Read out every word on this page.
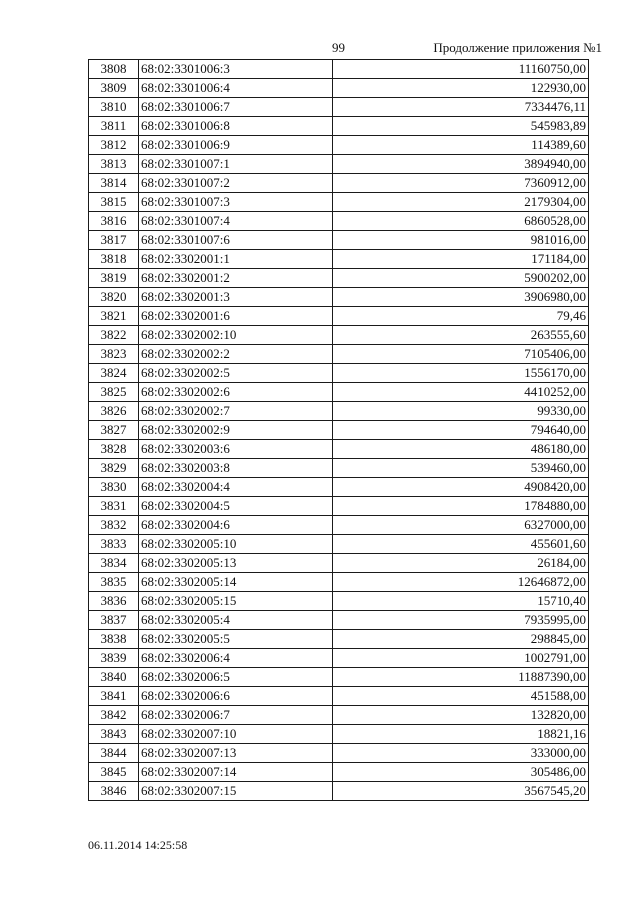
99	Продолжение приложения №1
3808	68:02:3301006:3	11160750,00
3809	68:02:3301006:4	122930,00
3810	68:02:3301006:7	7334476,11
3811	68:02:3301006:8	545983,89
3812	68:02:3301006:9	114389,60
3813	68:02:3301007:1	3894940,00
3814	68:02:3301007:2	7360912,00
3815	68:02:3301007:3	2179304,00
3816	68:02:3301007:4	6860528,00
3817	68:02:3301007:6	981016,00
3818	68:02:3302001:1	171184,00
3819	68:02:3302001:2	5900202,00
3820	68:02:3302001:3	3906980,00
3821	68:02:3302001:6	79,46
3822	68:02:3302002:10	263555,60
3823	68:02:3302002:2	7105406,00
3824	68:02:3302002:5	1556170,00
3825	68:02:3302002:6	4410252,00
3826	68:02:3302002:7	99330,00
3827	68:02:3302002:9	794640,00
3828	68:02:3302003:6	486180,00
3829	68:02:3302003:8	539460,00
3830	68:02:3302004:4	4908420,00
3831	68:02:3302004:5	1784880,00
3832	68:02:3302004:6	6327000,00
3833	68:02:3302005:10	455601,60
3834	68:02:3302005:13	26184,00
3835	68:02:3302005:14	12646872,00
3836	68:02:3302005:15	15710,40
3837	68:02:3302005:4	7935995,00
3838	68:02:3302005:5	298845,00
3839	68:02:3302006:4	1002791,00
3840	68:02:3302006:5	11887390,00
3841	68:02:3302006:6	451588,00
3842	68:02:3302006:7	132820,00
3843	68:02:3302007:10	18821,16
3844	68:02:3302007:13	333000,00
3845	68:02:3302007:14	305486,00
3846	68:02:3302007:15	3567545,20
06.11.2014 14:25:58
